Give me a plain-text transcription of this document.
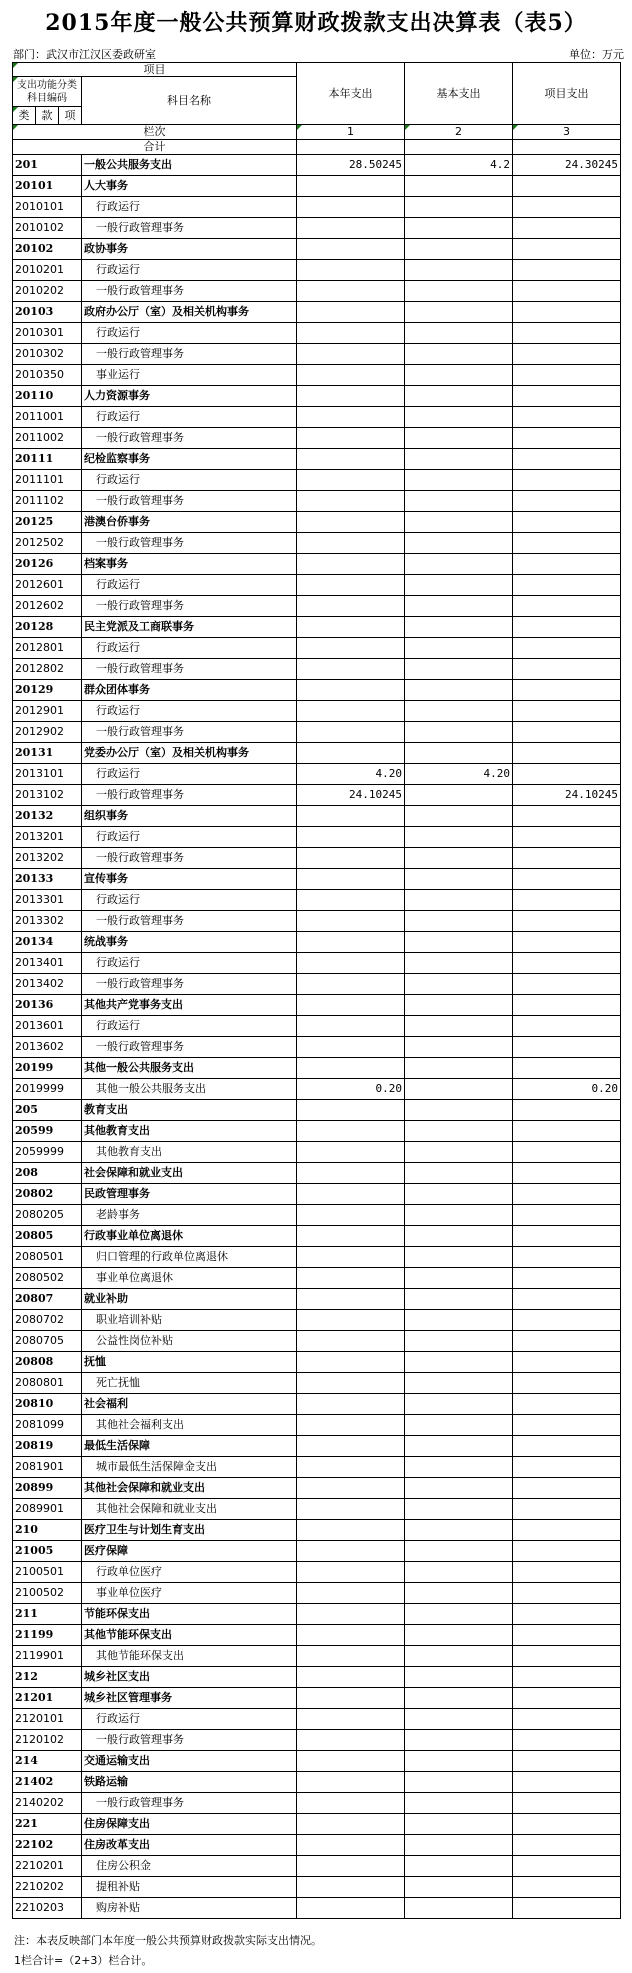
2015年度一般公共预算财政拨款支出决算表（表5）
部门：武汉市江汉区委政研室	单位：万元
项目				本年支出	基本支出	项目支出
支出功能分类科目编码			科目名称			
类	款	项				
栏次				1	2	3
合计						
201			一般公共服务支出	28.50245	4.2	24.30245
20101			人大事务			
2010101			行政运行			
2010102			一般行政管理事务			
20102			政协事务			
2010201			行政运行			
2010202			一般行政管理事务			
20103			政府办公厅（室）及相关机构事务			
2010301			行政运行			
2010302			一般行政管理事务			
2010350			事业运行			
20110			人力资源事务			
2011001			行政运行			
2011002			一般行政管理事务			
20111			纪检监察事务			
2011101			行政运行			
2011102			一般行政管理事务			
20125			港澳台侨事务			
2012502			一般行政管理事务			
20126			档案事务			
2012601			行政运行			
2012602			一般行政管理事务			
20128			民主党派及工商联事务			
2012801			行政运行			
2012802			一般行政管理事务			
20129			群众团体事务			
2012901			行政运行			
2012902			一般行政管理事务			
20131			党委办公厅（室）及相关机构事务			
2013101			行政运行	4.20	4.20	
2013102			一般行政管理事务	24.10245		24.10245
20132			组织事务			
2013201			行政运行			
2013202			一般行政管理事务			
20133			宣传事务			
2013301			行政运行			
2013302			一般行政管理事务			
20134			统战事务			
2013401			行政运行			
2013402			一般行政管理事务			
20136			其他共产党事务支出			
2013601			行政运行			
2013602			一般行政管理事务			
20199			其他一般公共服务支出			
2019999			其他一般公共服务支出	0.20		0.20
205			教育支出			
20599			其他教育支出			
2059999			其他教育支出			
208			社会保障和就业支出			
20802			民政管理事务			
2080205			老龄事务			
20805			行政事业单位离退休			
2080501			归口管理的行政单位离退休			
2080502			事业单位离退休			
20807			就业补助			
2080702			职业培训补贴			
2080705			公益性岗位补贴			
20808			抚恤			
2080801			死亡抚恤			
20810			社会福利			
2081099			其他社会福利支出			
20819			最低生活保障			
2081901			城市最低生活保障金支出			
20899			其他社会保障和就业支出			
2089901			其他社会保障和就业支出			
210			医疗卫生与计划生育支出			
21005			医疗保障			
2100501			行政单位医疗			
2100502			事业单位医疗			
211			节能环保支出			
21199			其他节能环保支出			
2119901			其他节能环保支出			
212			城乡社区支出			
21201			城乡社区管理事务			
2120101			行政运行			
2120102			一般行政管理事务			
214			交通运输支出			
21402			铁路运输			
2140202			一般行政管理事务			
221			住房保障支出			
22102			住房改革支出			
2210201			住房公积金			
2210202			提租补贴			
2210203			购房补贴			
注：本表反映部门本年度一般公共预算财政拨款实际支出情况。
1栏合计=（2+3）栏合计。
